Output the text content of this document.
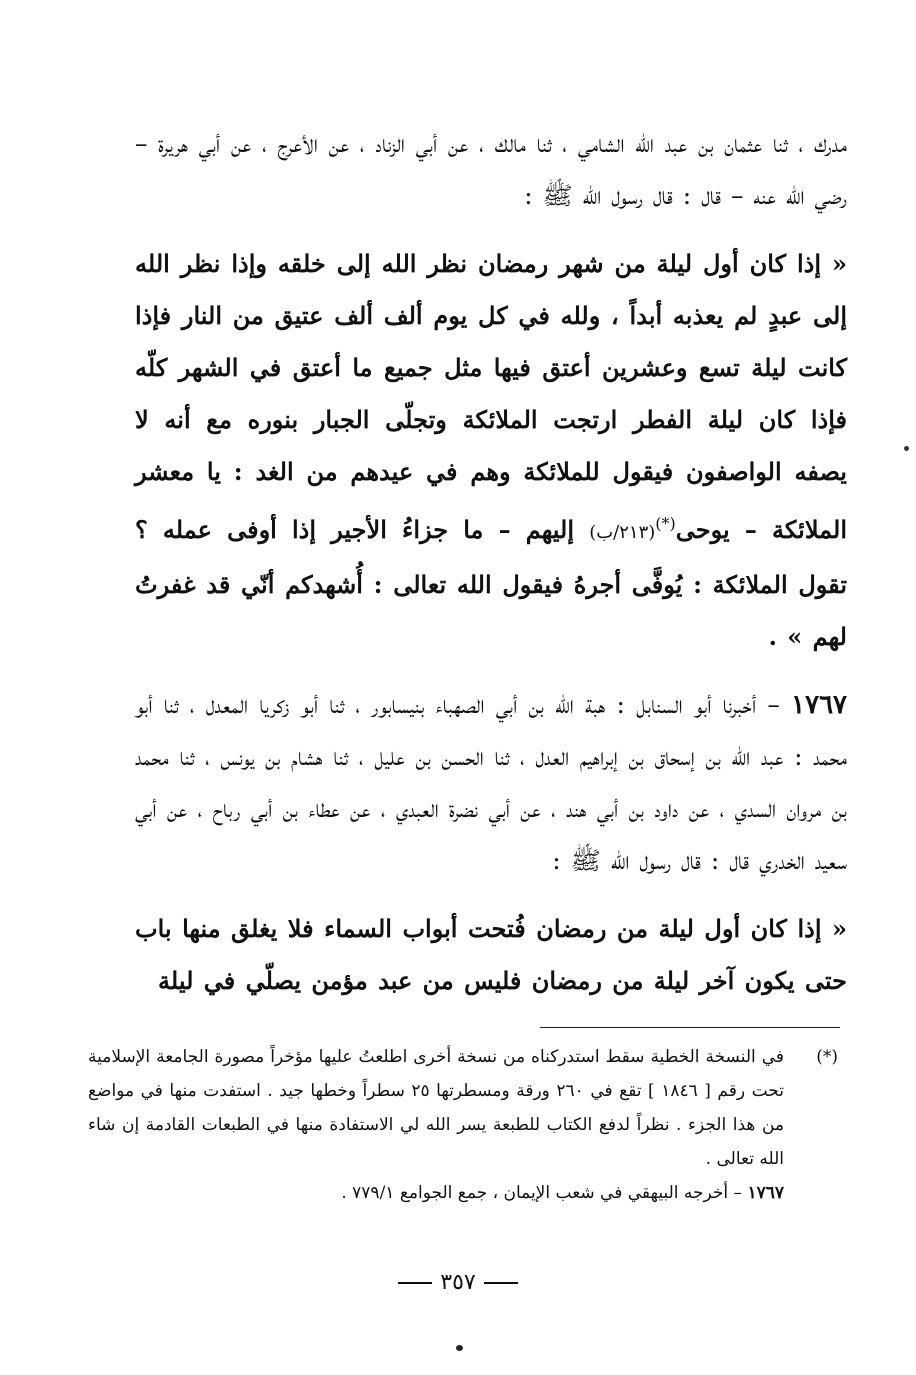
مدرك ، ثنا عثمان بن عبد الله الشامي ، ثنا مالك ، عن أبي الزناد ، عن الأعرج ، عن أبي هريرة – رضي الله عنه – قال : قال رسول الله ﷺ :

« إذا كان أول ليلة من شهر رمضان نظر الله إلى خلقه وإذا نظر الله إلى عبدٍ لم يعذبه أبداً ، ولله في كل يوم ألف ألف عتيق من النار فإذا كانت ليلة تسع وعشرين أعتق فيها مثل جميع ما أعتق في الشهر كلّه فإذا كان ليلة الفطر ارتجت الملائكة وتجلّى الجبار بنوره مع أنه لا يصفه الواصفون فيقول للملائكة وهم في عيدهم من الغد : يا معشر الملائكة – يوحى(*)(٢١٣/ب) إليهم – ما جزاءُ الأجير إذا أوفى عمله ؟ تقول الملائكة : يُوفَّى أجرهُ فيقول الله تعالى : أُشهدكم أنّي قد غفرتُ لهم » .

١٧٦٧ – أخبرنا أبو السنابل : هبة الله بن أبي الصهباء بنيسابور ، ثنا أبو زكريا المعدل ، ثنا أبو محمد : عبد الله بن إسحاق بن إبراهيم العدل ، ثنا الحسن بن عليل ، ثنا هشام بن يونس ، ثنا محمد بن مروان السدي ، عن داود بن أبي هند ، عن أبي نضرة العبدي ، عن عطاء بن أبي رباح ، عن أبي سعيد الخدري قال : قال رسول الله ﷺ :

« إذا كان أول ليلة من رمضان فُتحت أبواب السماء فلا يغلق منها باب حتى يكون آخر ليلة من رمضان فليس من عبد مؤمن يصلّي في ليلة

(*)
في النسخة الخطية سقط استدركناه من نسخة أخرى اطلعتُ عليها مؤخراً مصورة الجامعة الإسلامية تحت رقم [ ١٨٤٦ ] تقع في ٢٦٠ ورقة ومسطرتها ٢٥ سطراً وخطها جيد . استفدت منها في مواضع من هذا الجزء . نظراً لدفع الكتاب للطبعة يسر الله لي الاستفادة منها في الطبعات القادمة إن شاء الله تعالى .

١٧٦٧ – أخرجه البيهقي في شعب الإيمان ، جمع الجوامع ٧٧٩/١ .

٣٥٧
